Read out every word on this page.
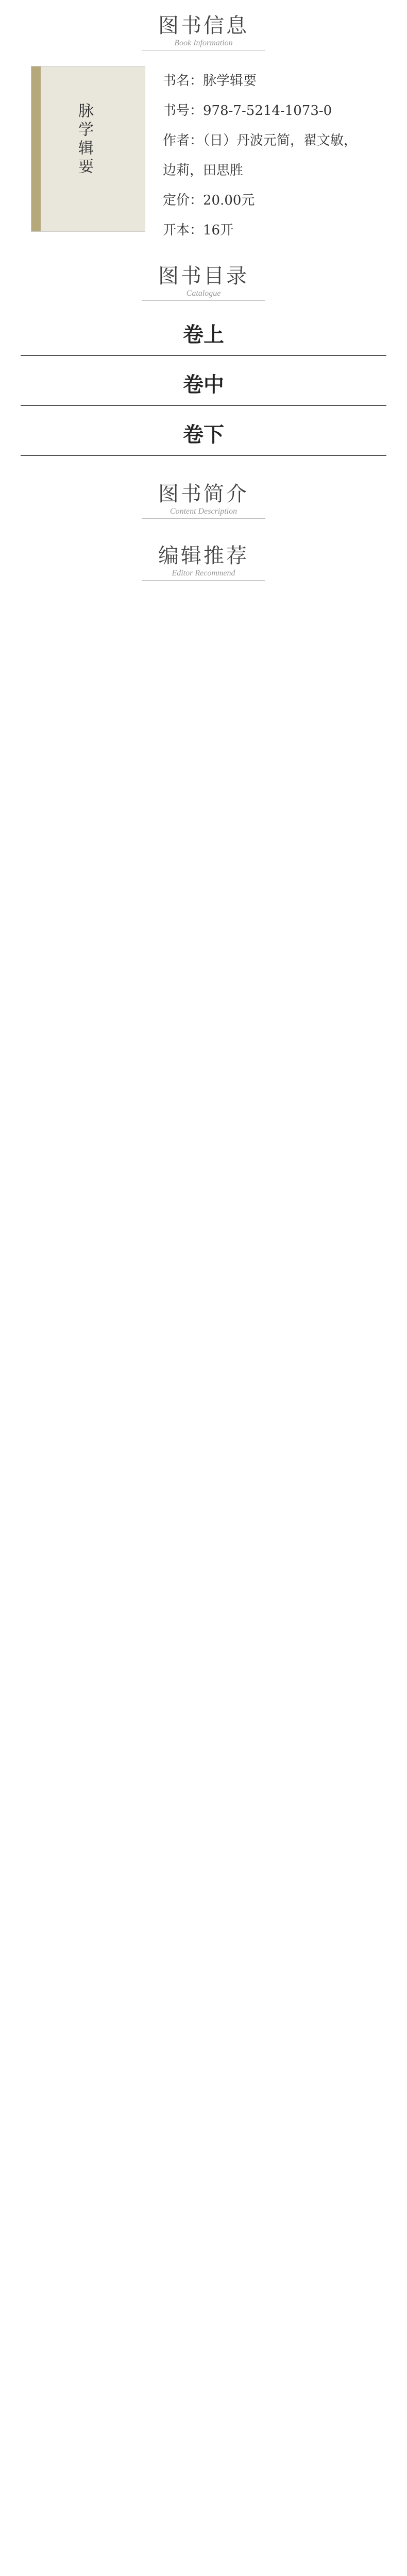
图书信息
Book Information
脉学辑要
书名：脉学辑要
书号：978-7-5214-1073-0
作者：（日）丹波元简，翟文敏，
边莉，田思胜
定价：20.00元
开本：16开
图书目录
Catalogue
卷上
卷中
卷下
图书简介
Content Description
编辑推荐
Editor Recommend
